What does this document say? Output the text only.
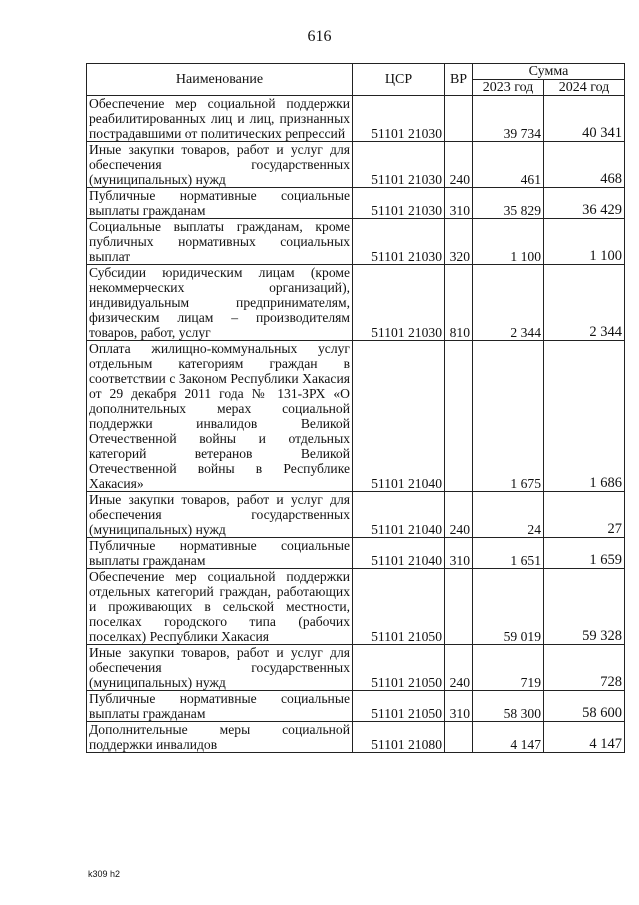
616
Наименование	ЦСР	ВР	Сумма	
			2023 год	2024 год
Обеспечение мер социальной поддержки реабилитированных лиц и лиц, признанных пострадавшими от политических репрессий	51101 21030		39 734	40 341
Иные закупки товаров, работ и услуг для обеспечения государственных (муниципальных) нужд	51101 21030	240	461	468
Публичные нормативные социальные выплаты гражданам	51101 21030	310	35 829	36 429
Социальные выплаты гражданам, кроме публичных нормативных социальных выплат	51101 21030	320	1 100	1 100
Субсидии юридическим лицам (кроме некоммерческих организаций), индивидуальным предпринимателям, физическим лицам – производителям товаров, работ, услуг	51101 21030	810	2 344	2 344
Оплата жилищно-коммунальных услуг отдельным категориям граждан в соответствии с Законом Республики Хакасия от 29 декабря 2011 года № 131-ЗРХ «О дополнительных мерах социальной поддержки инвалидов Великой Отечественной войны и отдельных категорий ветеранов Великой Отечественной войны в Республике Хакасия»	51101 21040		1 675	1 686
Иные закупки товаров, работ и услуг для обеспечения государственных (муниципальных) нужд	51101 21040	240	24	27
Публичные нормативные социальные выплаты гражданам	51101 21040	310	1 651	1 659
Обеспечение мер социальной поддержки отдельных категорий граждан, работающих и проживающих в сельской местности, поселках городского типа (рабочих поселках) Республики Хакасия	51101 21050		59 019	59 328
Иные закупки товаров, работ и услуг для обеспечения государственных (муниципальных) нужд	51101 21050	240	719	728
Публичные нормативные социальные выплаты гражданам	51101 21050	310	58 300	58 600
Дополнительные меры социальной поддержки инвалидов	51101 21080		4 147	4 147
k309 h2
